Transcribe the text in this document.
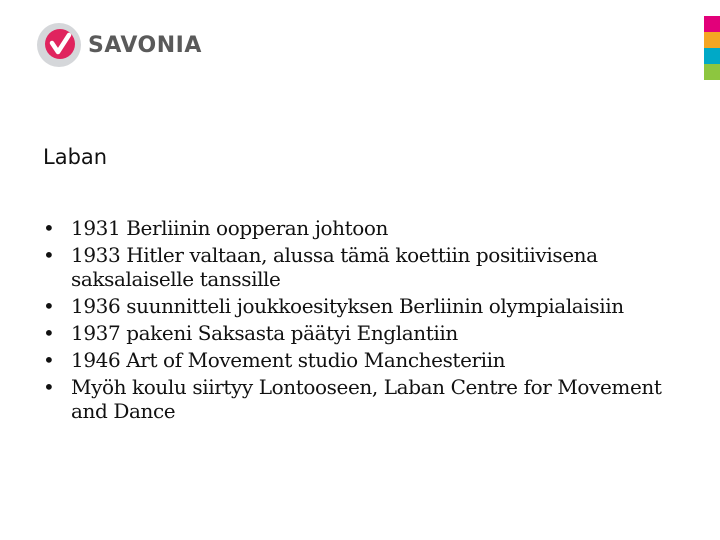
SAVONIA
Laban
• 1931 Berliinin oopperan johtoon
• 1933 Hitler valtaan, alussa tämä koettiin positiivisena saksalaiselle tanssille
• 1936 suunnitteli joukkoesityksen Berliinin olympialaisiin
• 1937 pakeni Saksasta päätyi Englantiin
• 1946 Art of Movement studio Manchesteriin
• Myöh koulu siirtyy Lontooseen, Laban Centre for Movement and Dance
